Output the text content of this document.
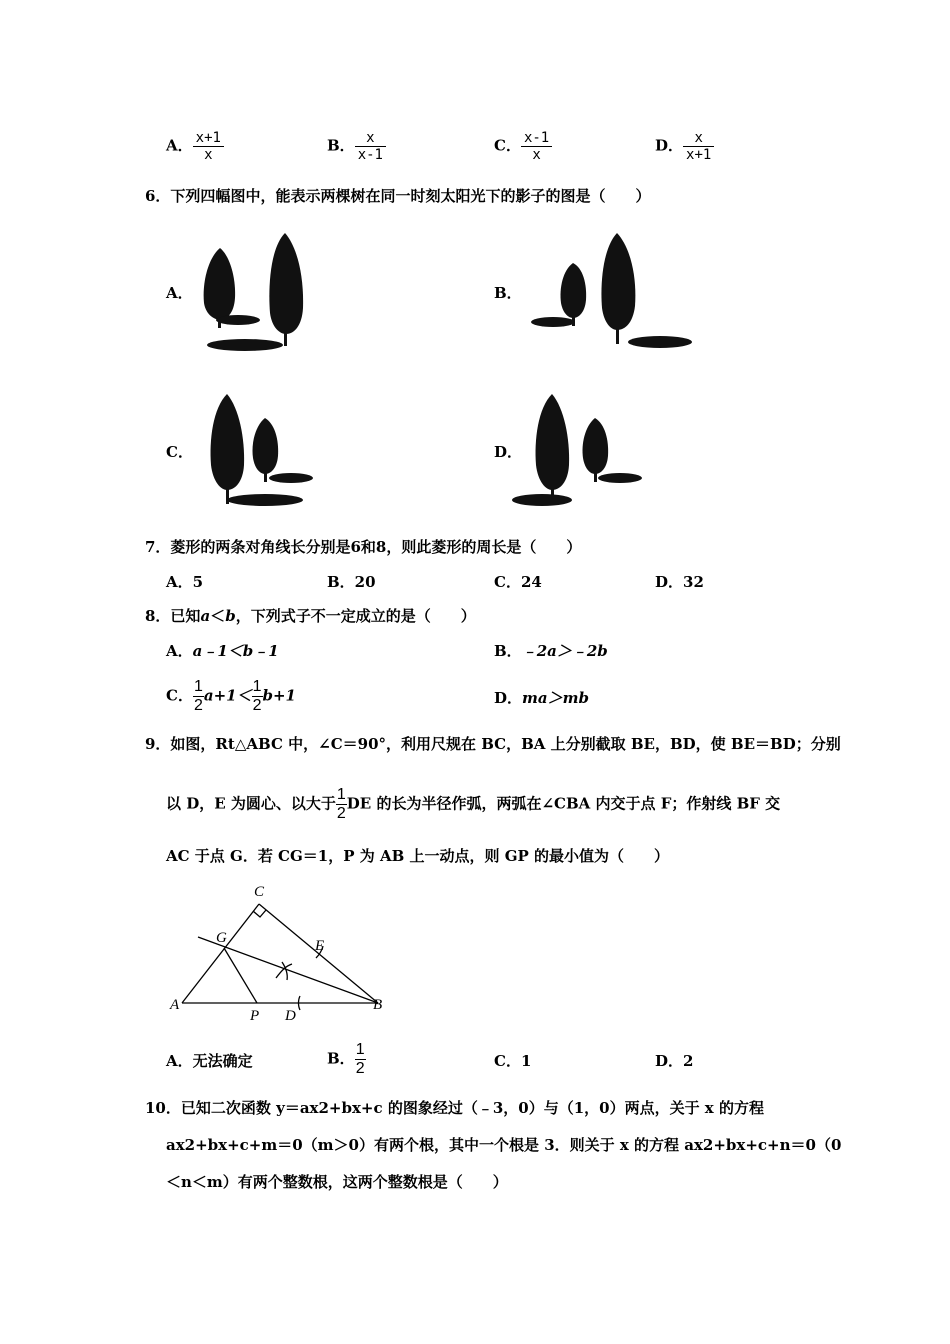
A． $\frac{x+1}{x}$	B． $\frac{x}{x-1}$	C． $\frac{x-1}{x}$	D． $\frac{x}{x+1}$
6．下列四幅图中，能表示两棵树在同一时刻太阳光下的影子的图是（　　）
A．	B．
C．	D．
7．菱形的两条对角线长分别是6和8，则此菱形的周长是（　　）
A．5	B．20	C．24	D．32
8．已知a＜b，下列式子不一定成立的是（　　）
A．a﹣1＜b﹣1	B．﹣2a＞﹣2b
C． $\frac{1}{2} a+1< \frac{1}{2} b+1$	D．ma＞mb
9．如图，Rt△ABC 中，∠C＝90°，利用尺规在 BC，BA 上分别截取 BE，BD，使 BE＝BD；分别
以 D，E 为圆心、以大于 $\frac{1}{2}$ DE 的长为半径作弧，两弧在∠CBA 内交于点 F；作射线 BF 交
AC 于点 G．若 CG＝1，P 为 AB 上一动点，则 GP 的最小值为（　　）
C
G	E
A
P D
B
A．无法确定	B． $\frac{1}{2}$	C．1	D．2
10．已知二次函数 y＝ax2+bx+c 的图象经过（﹣3，0）与（1，0）两点，关于 x 的方程
ax2+bx+c+m＝0（m＞0）有两个根，其中一个根是 3．则关于 x 的方程 ax2+bx+c+n＝0（0
＜n＜m）有两个整数根，这两个整数根是（　　）
